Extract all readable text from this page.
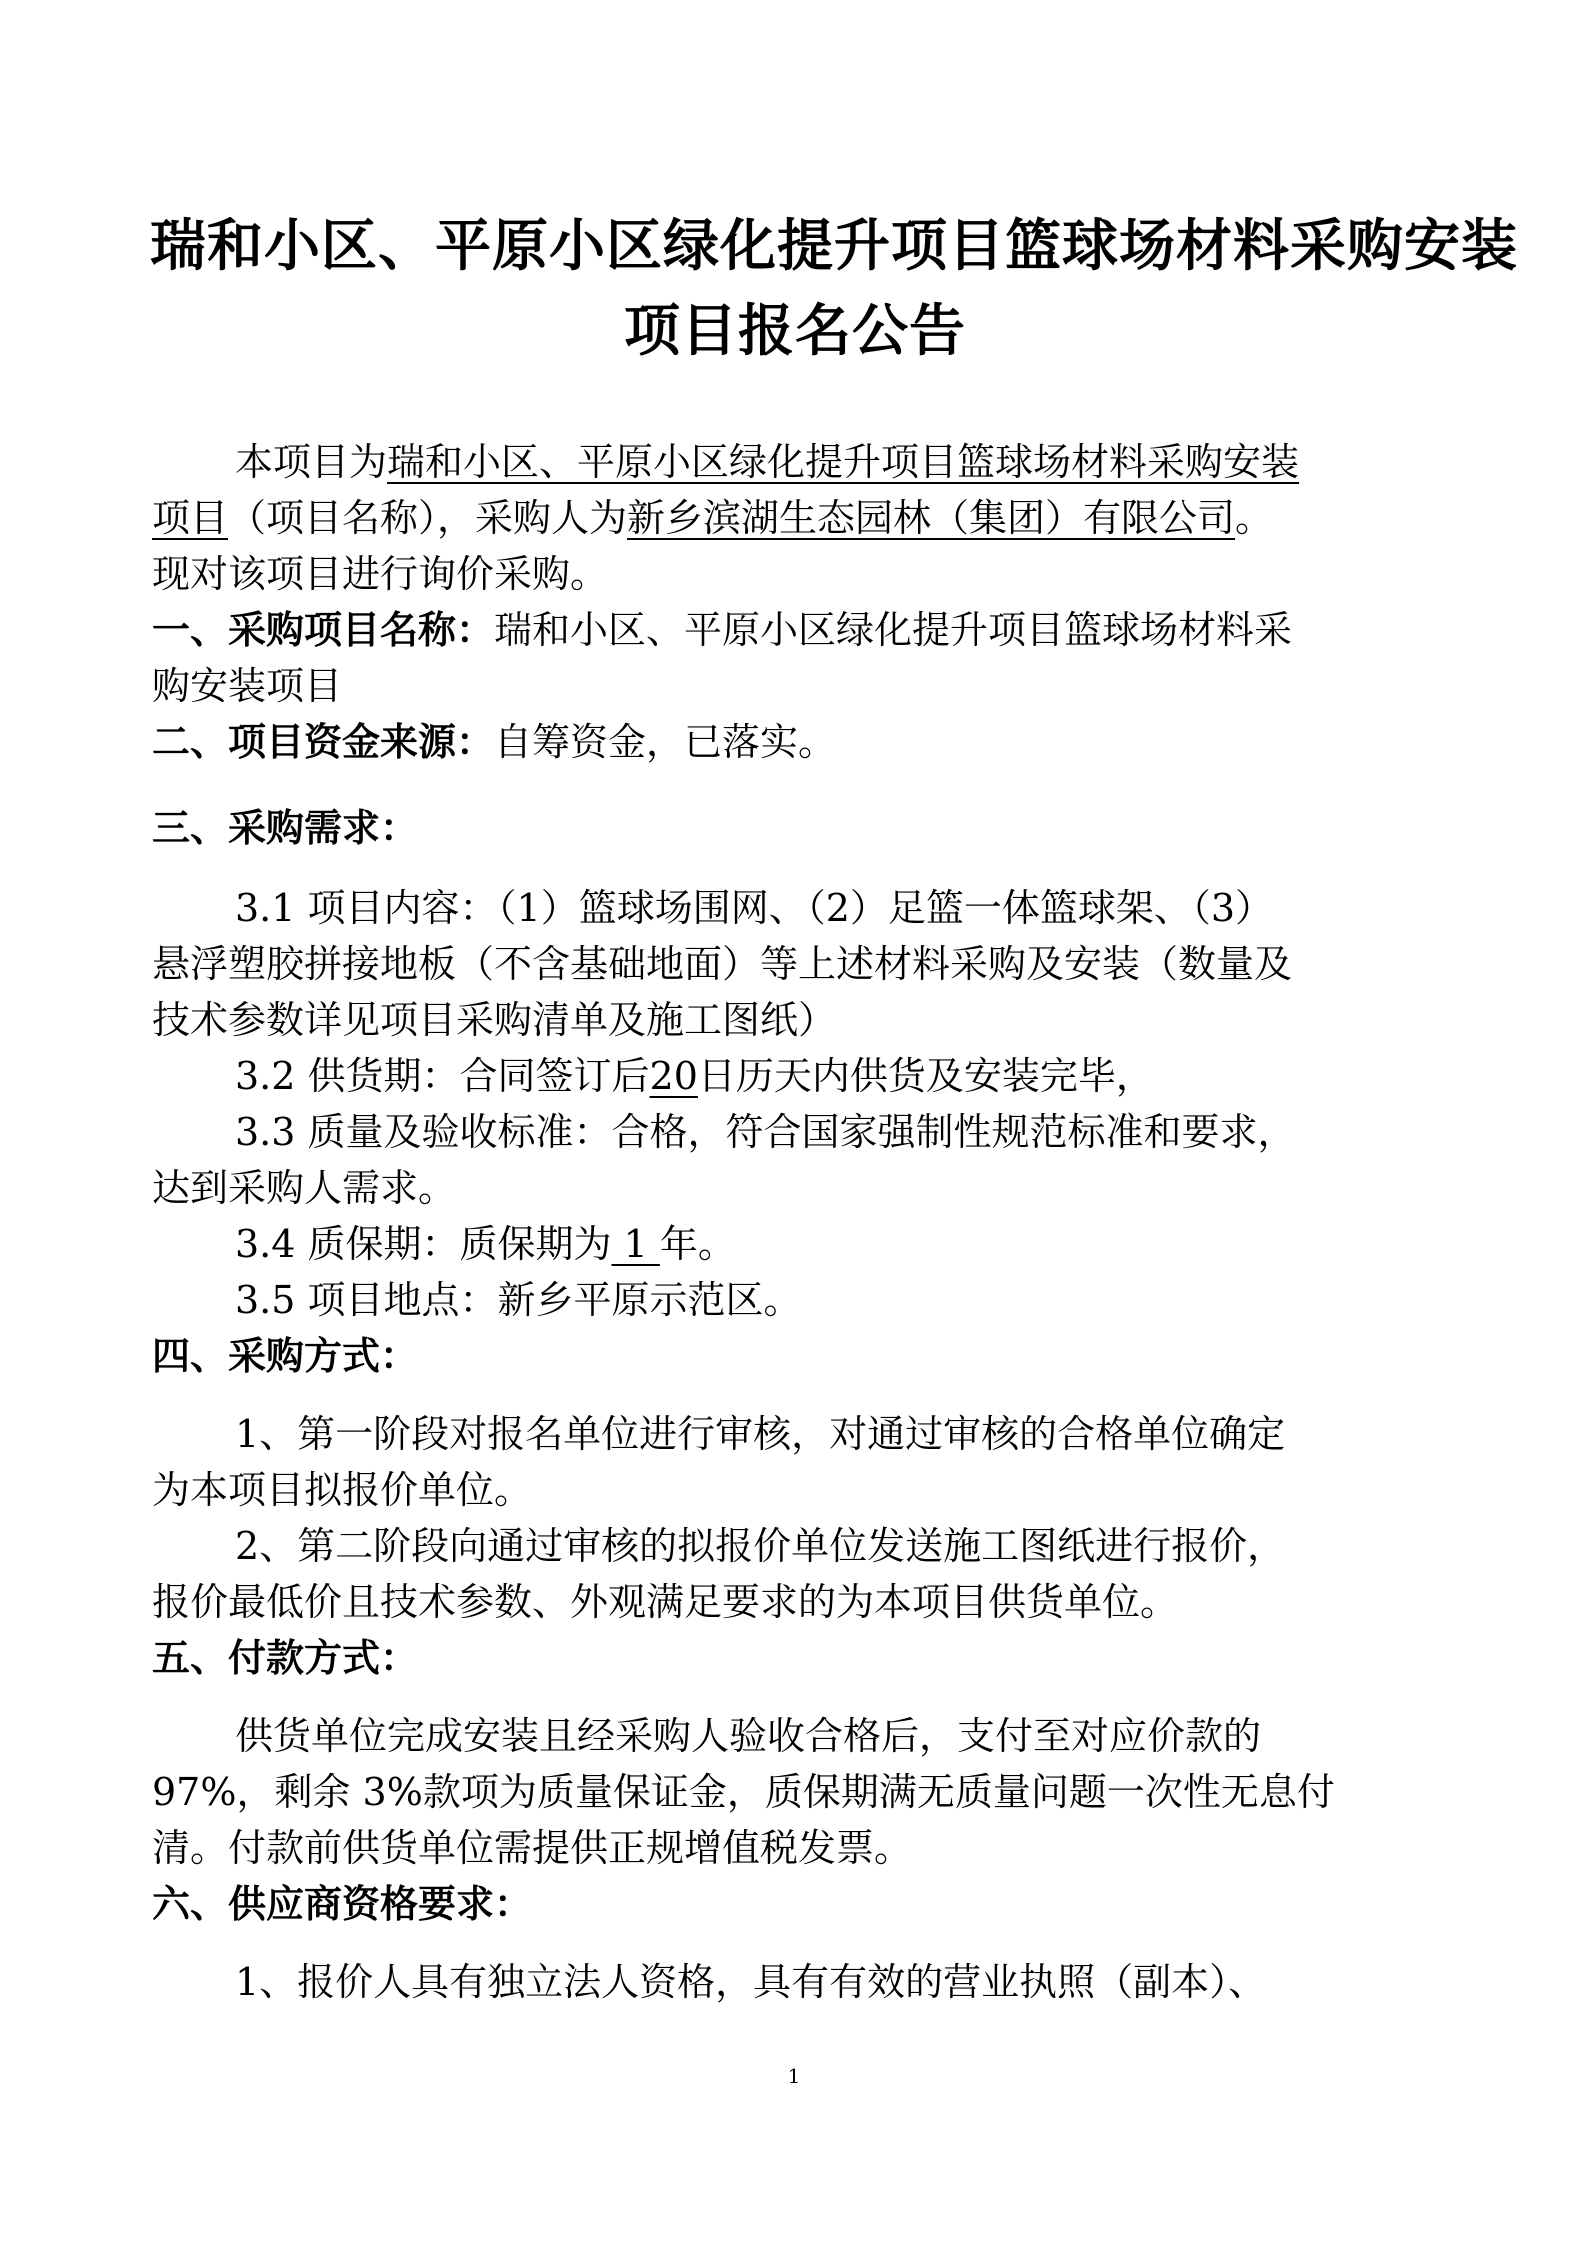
瑞和小区、平原小区绿化提升项目篮球场材料采购安装
项目报名公告
本项目为瑞和小区、平原小区绿化提升项目篮球场材料采购安装
项目（项目名称），采购人为新乡滨湖生态园林（集团）有限公司。
现对该项目进行询价采购。
一、采购项目名称：瑞和小区、平原小区绿化提升项目篮球场材料采
购安装项目
二、项目资金来源：自筹资金，已落实。
三、采购需求：
3.1 项目内容：（1）篮球场围网、（2）足篮一体篮球架、（3）
悬浮塑胶拼接地板（不含基础地面）等上述材料采购及安装（数量及
技术参数详见项目采购清单及施工图纸）
3.2 供货期：合同签订后20日历天内供货及安装完毕，
3.3 质量及验收标准：合格，符合国家强制性规范标准和要求，
达到采购人需求。
3.4 质保期：质保期为 1 年。
3.5 项目地点：新乡平原示范区。
四、采购方式：
1、第一阶段对报名单位进行审核，对通过审核的合格单位确定
为本项目拟报价单位。
2、第二阶段向通过审核的拟报价单位发送施工图纸进行报价，
报价最低价且技术参数、外观满足要求的为本项目供货单位。
五、付款方式：
供货单位完成安装且经采购人验收合格后，支付至对应价款的
97%，剩余 3%款项为质量保证金，质保期满无质量问题一次性无息付
清。付款前供货单位需提供正规增值税发票。
六、供应商资格要求：
1、报价人具有独立法人资格，具有有效的营业执照（副本）、
1
